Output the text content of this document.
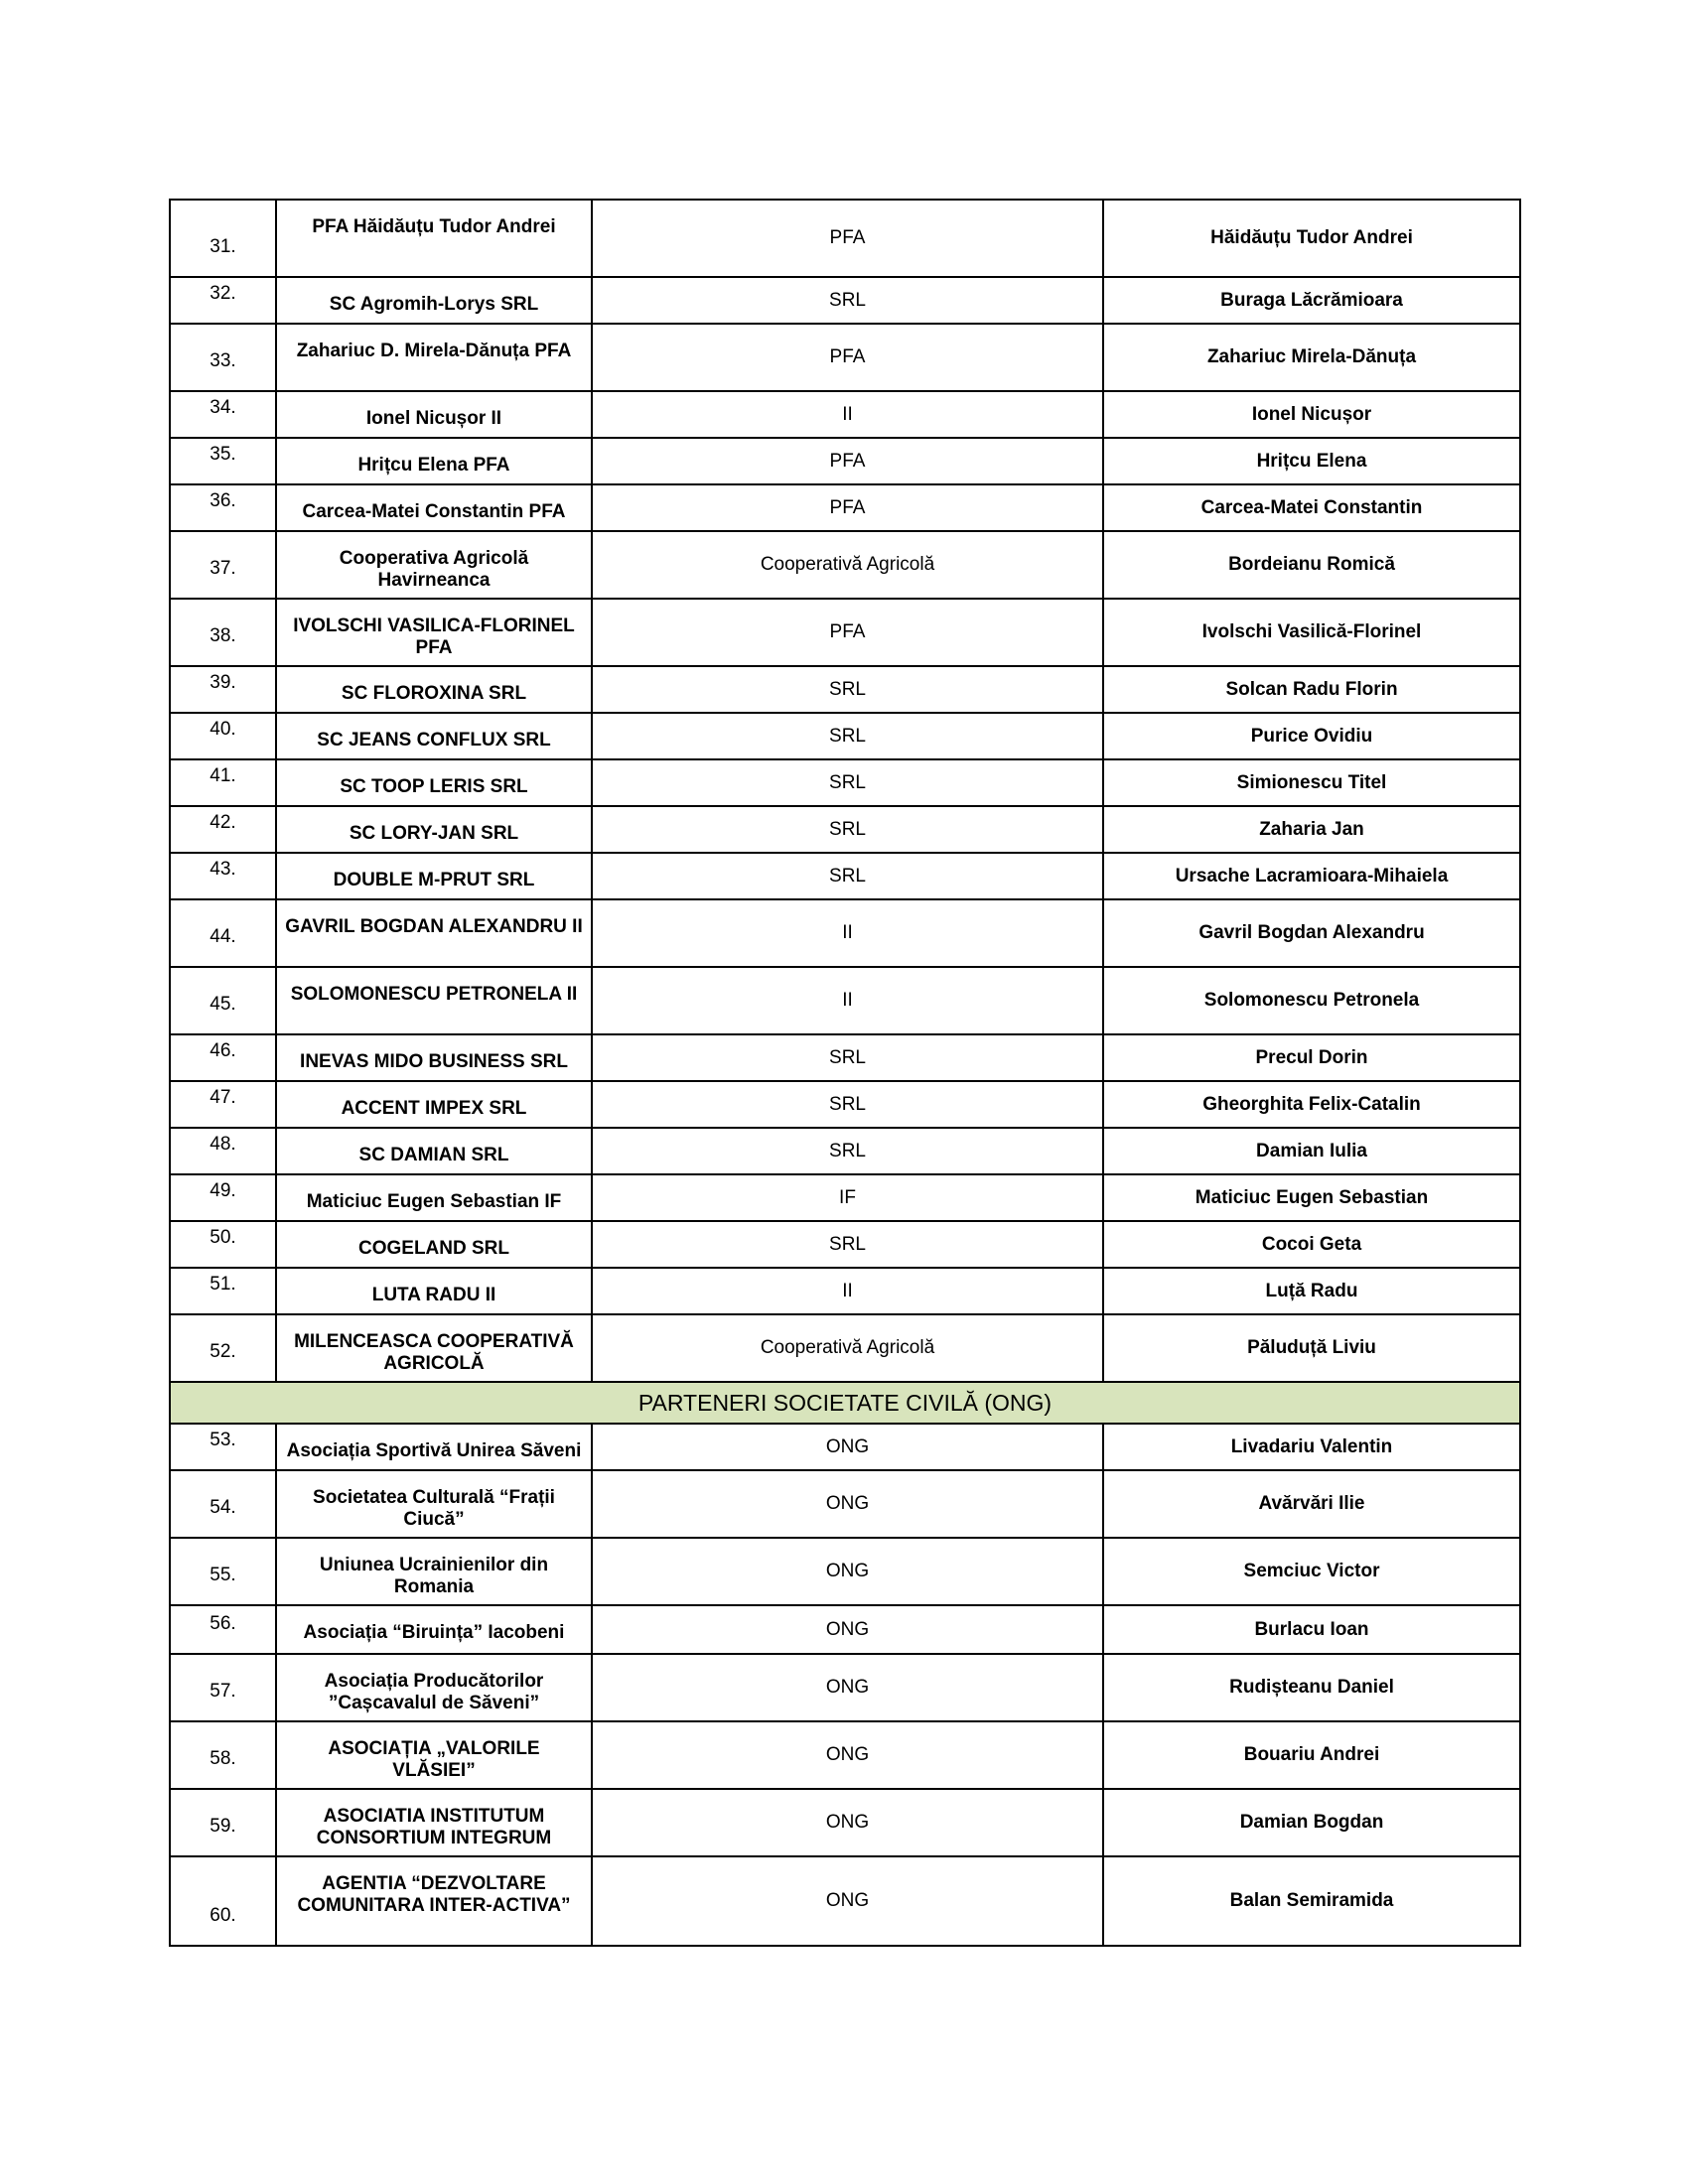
31.	PFA Hăidăuțu Tudor Andrei	PFA	Hăidăuțu Tudor Andrei
32.	SC Agromih-Lorys SRL	SRL	Buraga Lăcrămioara
33.	Zahariuc D. Mirela-Dănuța PFA	PFA	Zahariuc Mirela-Dănuța
34.	Ionel Nicușor II	II	Ionel Nicușor
35.	Hrițcu Elena PFA	PFA	Hrițcu Elena
36.	Carcea-Matei Constantin PFA	PFA	Carcea-Matei Constantin
37.	Cooperativa Agricolă Havirneanca	Cooperativă Agricolă	Bordeianu Romică
38.	IVOLSCHI VASILICA-FLORINEL PFA	PFA	Ivolschi Vasilică-Florinel
39.	SC FLOROXINA SRL	SRL	Solcan Radu Florin
40.	SC JEANS CONFLUX SRL	SRL	Purice Ovidiu
41.	SC TOOP LERIS SRL	SRL	Simionescu Titel
42.	SC LORY-JAN SRL	SRL	Zaharia Jan
43.	DOUBLE M-PRUT SRL	SRL	Ursache Lacramioara-Mihaiela
44.	GAVRIL BOGDAN ALEXANDRU II	II	Gavril Bogdan Alexandru
45.	SOLOMONESCU PETRONELA II	II	Solomonescu Petronela
46.	INEVAS MIDO BUSINESS SRL	SRL	Precul Dorin
47.	ACCENT IMPEX SRL	SRL	Gheorghita Felix-Catalin
48.	SC DAMIAN SRL	SRL	Damian Iulia
49.	Maticiuc Eugen Sebastian IF	IF	Maticiuc Eugen Sebastian
50.	COGELAND SRL	SRL	Cocoi Geta
51.	LUTA RADU II	II	Luță Radu
52.	MILENCEASCA COOPERATIVĂ AGRICOLĂ	Cooperativă Agricolă	Păluduță Liviu
PARTENERI SOCIETATE CIVILĂ (ONG)			
53.	Asociația Sportivă Unirea Săveni	ONG	Livadariu Valentin
54.	Societatea Culturală “Frații Ciucă”	ONG	Avărvări Ilie
55.	Uniunea Ucrainienilor din Romania	ONG	Semciuc Victor
56.	Asociația “Biruința” Iacobeni	ONG	Burlacu Ioan
57.	Asociația Producătorilor ”Cașcavalul de Săveni”	ONG	Rudișteanu Daniel
58.	ASOCIAȚIA „VALORILE VLĂSIEI”	ONG	Bouariu Andrei
59.	ASOCIATIA INSTITUTUM CONSORTIUM INTEGRUM	ONG	Damian Bogdan
60.	AGENTIA “DEZVOLTARE COMUNITARA INTER-ACTIVA”	ONG	Balan Semiramida
